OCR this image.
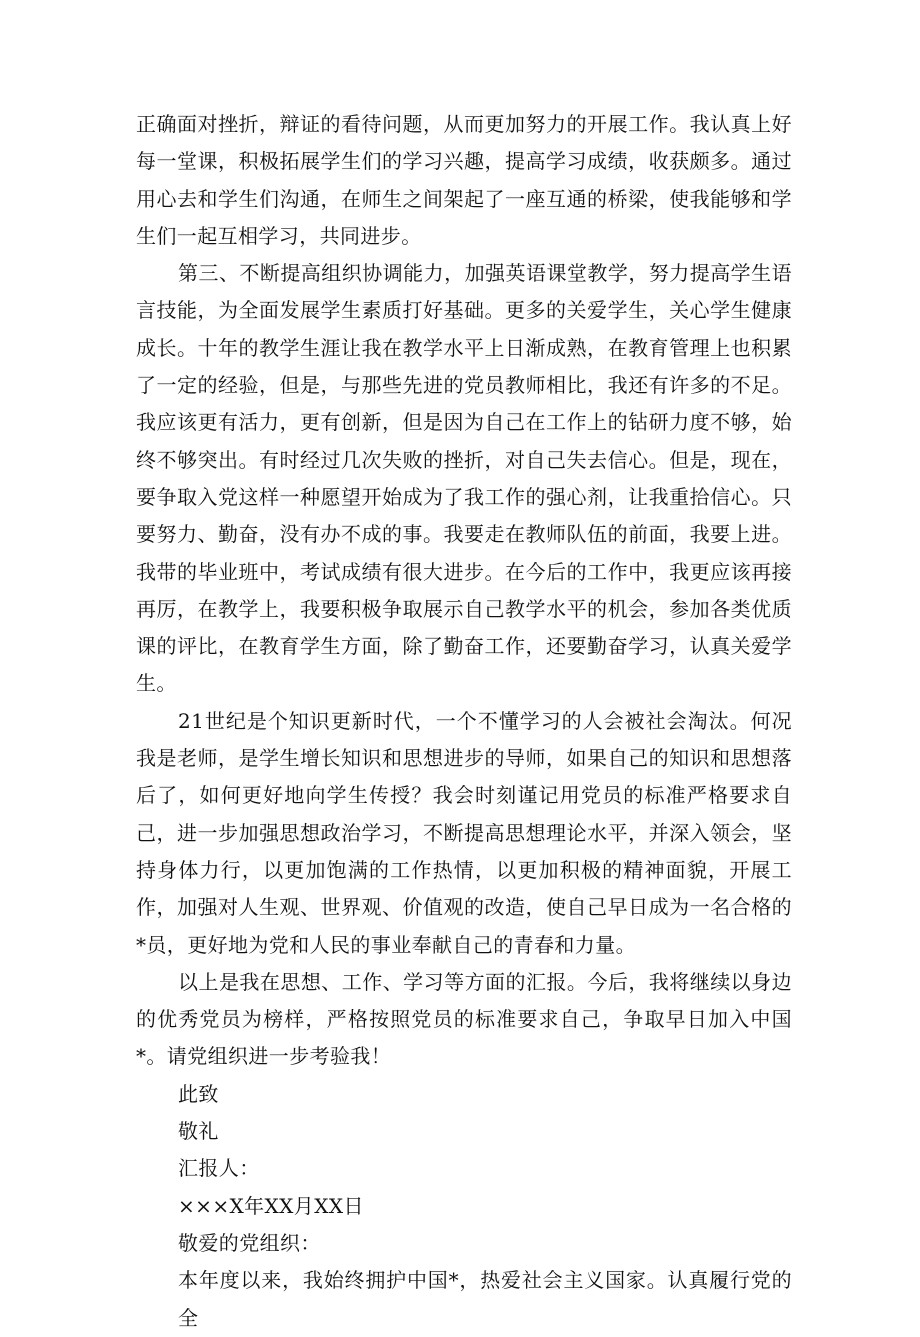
正确面对挫折，辩证的看待问题，从而更加努力的开展工作。我认真上好每一堂课，积极拓展学生们的学习兴趣，提高学习成绩，收获颇多。通过用心去和学生们沟通，在师生之间架起了一座互通的桥梁，使我能够和学生们一起互相学习，共同进步。

第三、不断提高组织协调能力，加强英语课堂教学，努力提高学生语言技能，为全面发展学生素质打好基础。更多的关爱学生，关心学生健康成长。十年的教学生涯让我在教学水平上日渐成熟，在教育管理上也积累了一定的经验，但是，与那些先进的党员教师相比，我还有许多的不足。我应该更有活力，更有创新，但是因为自己在工作上的钻研力度不够，始终不够突出。有时经过几次失败的挫折，对自己失去信心。但是，现在，要争取入党这样一种愿望开始成为了我工作的强心剂，让我重拾信心。只要努力、勤奋，没有办不成的事。我要走在教师队伍的前面，我要上进。我带的毕业班中，考试成绩有很大进步。在今后的工作中，我更应该再接再厉，在教学上，我要积极争取展示自己教学水平的机会，参加各类优质课的评比，在教育学生方面，除了勤奋工作，还要勤奋学习，认真关爱学生。

21世纪是个知识更新时代，一个不懂学习的人会被社会淘汰。何况我是老师，是学生增长知识和思想进步的导师，如果自己的知识和思想落后了，如何更好地向学生传授？我会时刻谨记用党员的标准严格要求自己，进一步加强思想政治学习，不断提高思想理论水平，并深入领会，坚持身体力行，以更加饱满的工作热情，以更加积极的精神面貌，开展工作，加强对人生观、世界观、价值观的改造，使自己早日成为一名合格的*员，更好地为党和人民的事业奉献自己的青春和力量。

以上是我在思想、工作、学习等方面的汇报。今后，我将继续以身边的优秀党员为榜样，严格按照党员的标准要求自己，争取早日加入中国*。请党组织进一步考验我！

此致

敬礼

汇报人：

×××X年XX月XX日

敬爱的党组织：

本年度以来，我始终拥护中国*，热爱社会主义国家。认真履行党的全
